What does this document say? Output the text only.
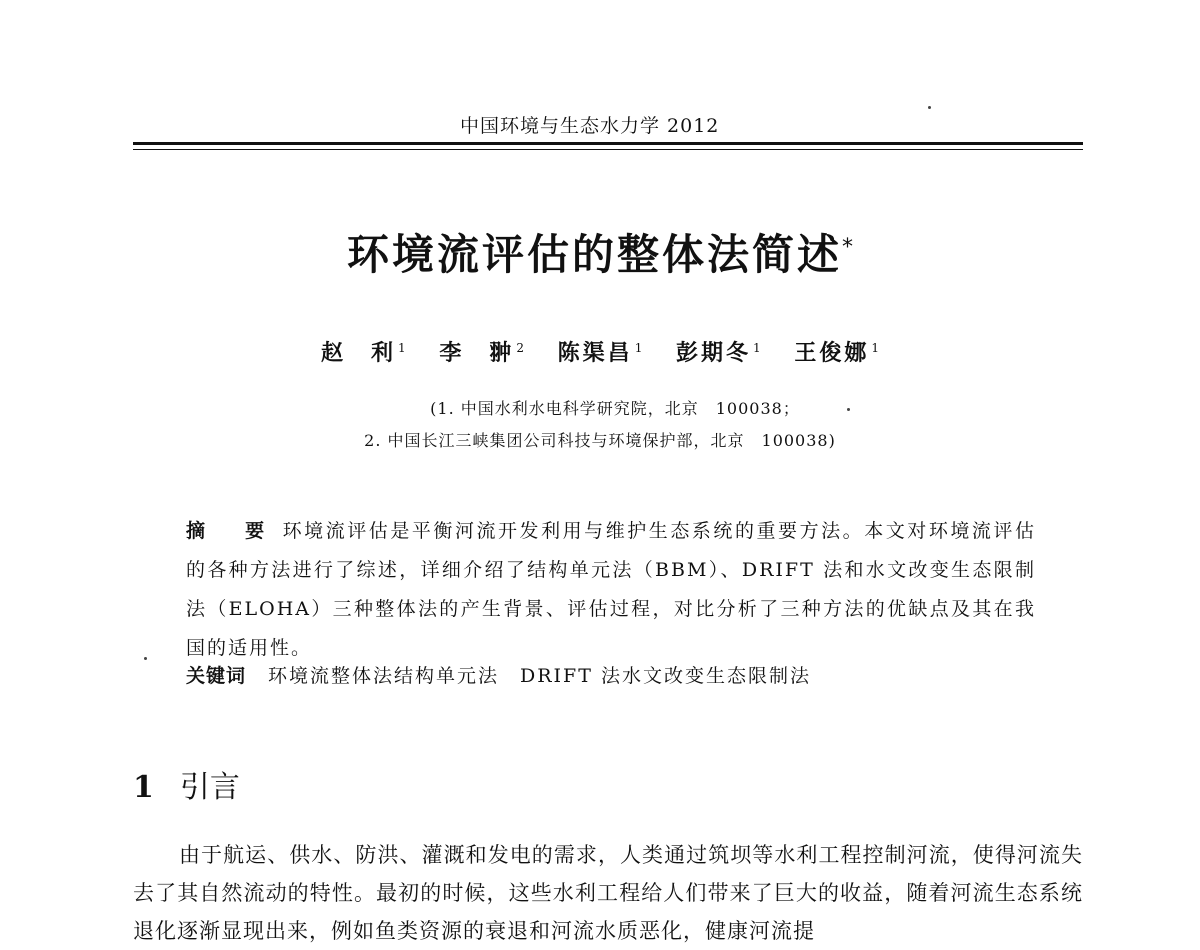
中国环境与生态水力学 2012
环境流评估的整体法简述*
赵　利 $^1$ 李　翀 $^2$ 陈渠昌 $^1$ 彭期冬 $^1$ 王俊娜 $^1$
(1. 中国水利水电科学研究院，北京　100038；
2. 中国长江三峡集团公司科技与环境保护部，北京　100038)
摘　要 环境流评估是平衡河流开发利用与维护生态系统的重要方法。本文对环境流评估的各种方法进行了综述，详细介绍了结构单元法（BBM）、DRIFT 法和水文改变生态限制法（ELOHA）三种整体法的产生背景、评估过程，对比分析了三种方法的优缺点及其在我国的适用性。
关键词 环境流整体法结构单元法　DRIFT 法水文改变生态限制法
1 引言
由于航运、供水、防洪、灌溉和发电的需求，人类通过筑坝等水利工程控制河流，使得河流失去了其自然流动的特性。最初的时候，这些水利工程给人们带来了巨大的收益，随着河流生态系统退化逐渐显现出来，例如鱼类资源的衰退和河流水质恶化，健康河流提
